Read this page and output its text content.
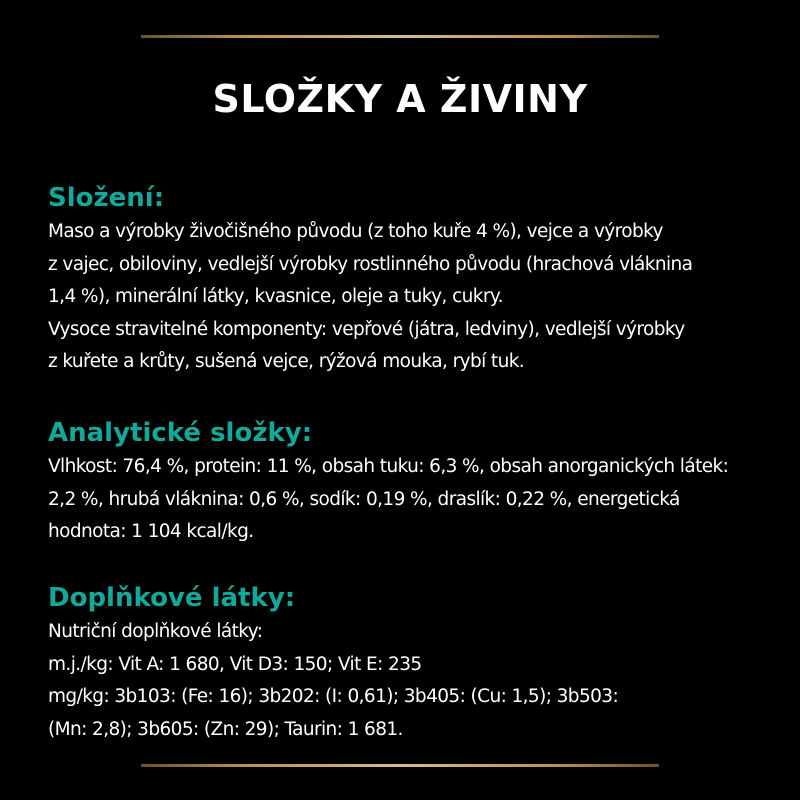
SLOŽKY A ŽIVINY
Složení:

Maso a výrobky živočišného původu (z toho kuře 4 %), vejce a výrobky
z vajec, obiloviny, vedlejší výrobky rostlinného původu (hrachová vláknina
1,4 %), minerální látky, kvasnice, oleje a tuky, cukry.
Vysoce stravitelné komponenty: vepřové (játra, ledviny), vedlejší výrobky
z kuřete a krůty, sušená vejce, rýžová mouka, rybí tuk.

Analytické složky:

Vlhkost: 76,4 %, protein: 11 %, obsah tuku: 6,3 %, obsah anorganických látek:
2,2 %, hrubá vláknina: 0,6 %, sodík: 0,19 %, draslík: 0,22 %, energetická
hodnota: 1 104 kcal/kg.

Doplňkové látky:

Nutriční doplňkové látky:
m.j./kg: Vit A: 1 680, Vit D3: 150; Vit E: 235
mg/kg: 3b103: (Fe: 16); 3b202: (I: 0,61); 3b405: (Cu: 1,5); 3b503:
(Mn: 2,8); 3b605: (Zn: 29); Taurin: 1 681.
